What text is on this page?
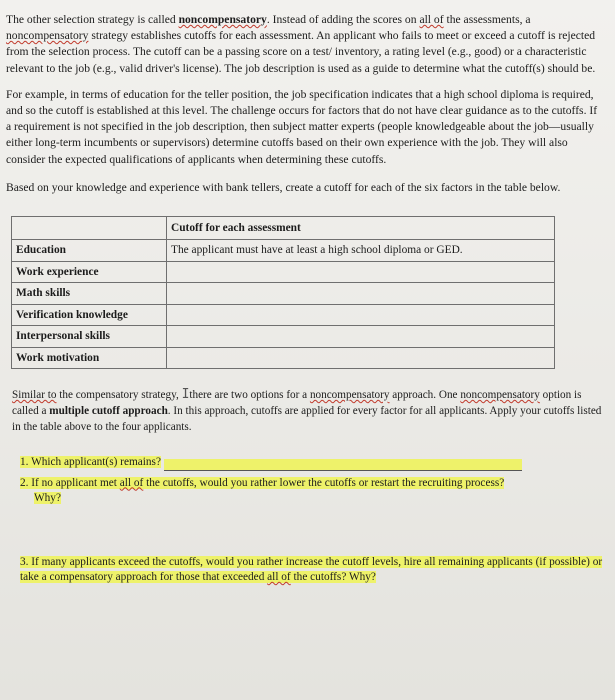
The other selection strategy is called noncompensatory. Instead of adding the scores on all of the assessments, a noncompensatory strategy establishes cutoffs for each assessment. An applicant who fails to meet or exceed a cutoff is rejected from the selection process. The cutoff can be a passing score on a test/ inventory, a rating level (e.g., good) or a characteristic relevant to the job (e.g., valid driver's license). The job description is used as a guide to determine what the cutoff(s) should be.

For example, in terms of education for the teller position, the job specification indicates that a high school diploma is required, and so the cutoff is established at this level. The challenge occurs for factors that do not have clear guidance as to the cutoffs. If a requirement is not specified in the job description, then subject matter experts (people knowledgeable about the job—usually either long-term incumbents or supervisors) determine cutoffs based on their own experience with the job. They will also consider the expected qualifications of applicants when determining these cutoffs.

Based on your knowledge and experience with bank tellers, create a cutoff for each of the six factors in the table below.

	Cutoff for each assessment
Education	The applicant must have at least a high school diploma or GED.
Work experience	
Math skills	
Verification knowledge	
Interpersonal skills	
Work motivation	

Similar to the compensatory strategy, Ithere are two options for a noncompensatory approach. One noncompensatory option is called a multiple cutoff approach. In this approach, cutoffs are applied for every factor for all applicants. Apply your cutoffs listed in the table above to the four applicants.

1. Which applicant(s) remains?

2. If no applicant met all of the cutoffs, would you rather lower the cutoffs or restart the recruiting process?
Why?

3. If many applicants exceed the cutoffs, would you rather increase the cutoff levels, hire all remaining applicants (if possible) or take a compensatory approach for those that exceeded all of the cutoffs? Why?
